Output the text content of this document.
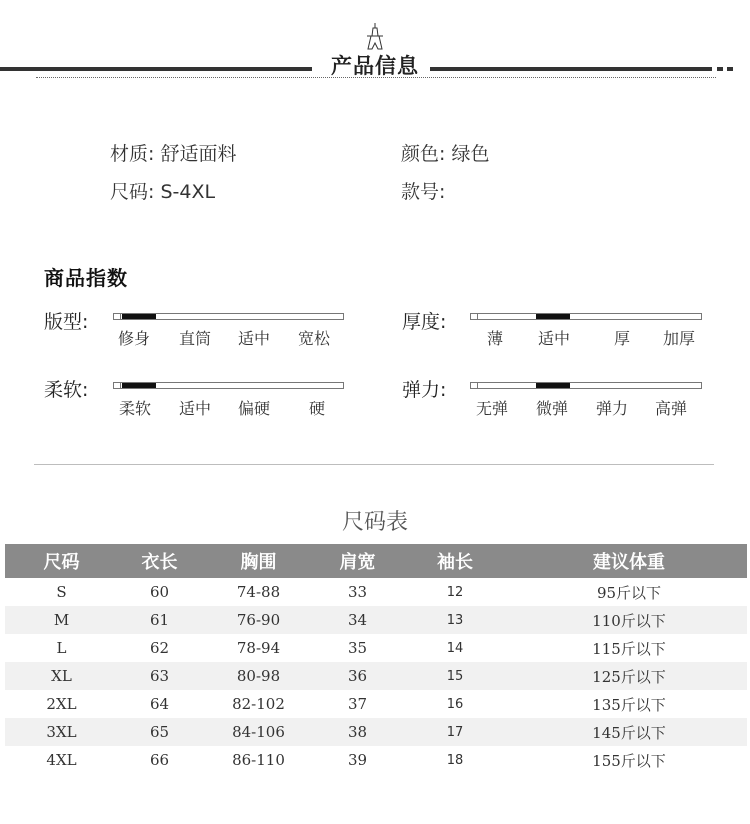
产品信息
材质: 舒适面料	颜色: 绿色
尺码: S-4XL	款号:
商品指数
版型:
修身 直筒 适中 宽松
厚度:
薄 适中	厚 加厚
柔软:
柔软 适中 偏硬 硬
弹力:
无弹 微弹 弹力 高弹
尺码表
尺码	衣长	胸围	肩宽	袖长	建议体重
S	60	74-88	33	12	95斤以下
M	61	76-90	34	13	110斤以下
L	62	78-94	35	14	115斤以下
XL	63	80-98	36	15	125斤以下
2XL	64	82-102	37	16	135斤以下
3XL	65	84-106	38	17	145斤以下
4XL	66	86-110	39	18	155斤以下
